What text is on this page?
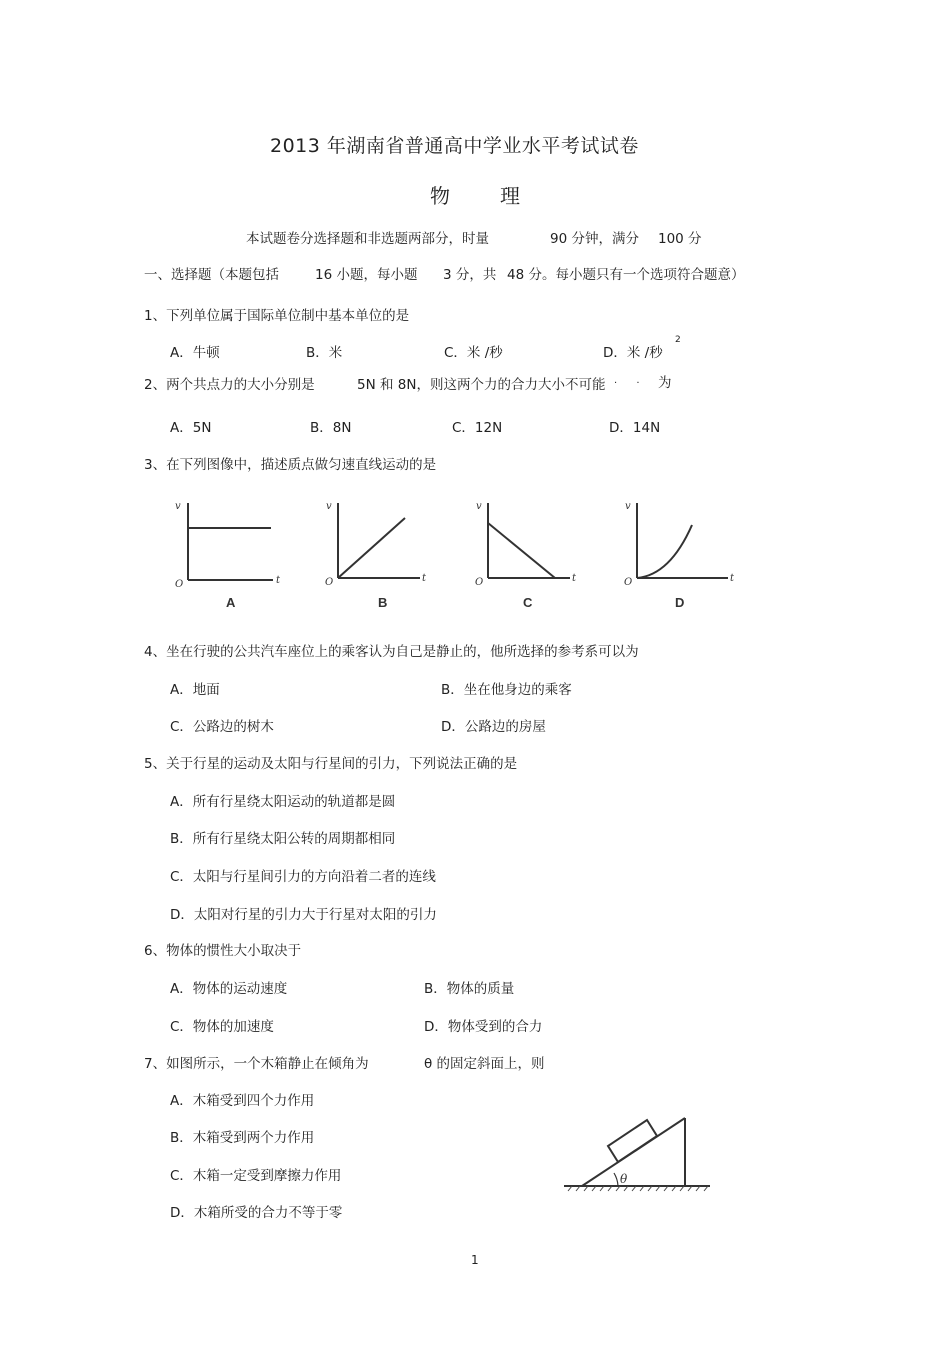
2013 年湖南省普通高中学业水平考试试卷
物 理
本试题卷分选择题和非选题两部分，时量	90 分钟，满分 100 分
一、选择题（本题包括	16 小题，每小题 3 分，共 48 分。每小题只有一个选项符合题意）
1、下列单位属于国际单位制中基本单位的是
A．牛顿	B．米	C．米 /秒	D．米 /秒
2
2、两个共点力的大小分别是	5N 和 8N，则这两个力的合力大小不可能 · · 为
A．5N	B．8N	C．12N	D．14N
3、在下列图像中，描述质点做匀速直线运动的是
v
t
O
A
v
t
O
B
v
t
O
C
v
t
O
D
4、坐在行驶的公共汽车座位上的乘客认为自己是静止的，他所选择的参考系可以为
A．地面	B．坐在他身边的乘客
C．公路边的树木	D．公路边的房屋
5、关于行星的运动及太阳与行星间的引力，下列说法正确的是
A．所有行星绕太阳运动的轨道都是圆
B．所有行星绕太阳公转的周期都相同
C．太阳与行星间引力的方向沿着二者的连线
D．太阳对行星的引力大于行星对太阳的引力
6、物体的惯性大小取决于
A．物体的运动速度	B．物体的质量
C．物体的加速度	D．物体受到的合力
7、如图所示，一个木箱静止在倾角为	θ 的固定斜面上，则
A．木箱受到四个力作用
B．木箱受到两个力作用
C．木箱一定受到摩擦力作用
D．木箱所受的合力不等于零
θ
1
